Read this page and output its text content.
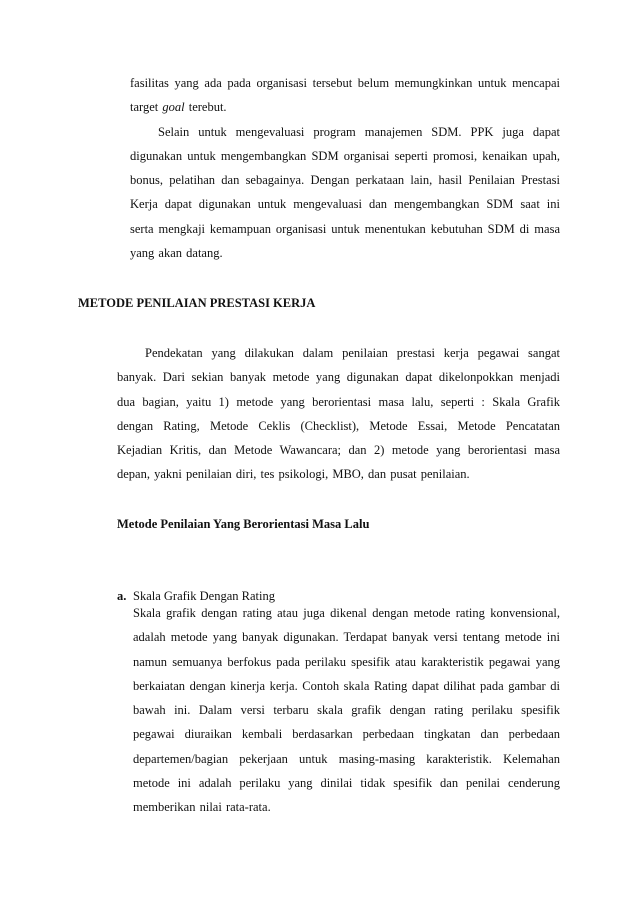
fasilitas yang ada pada organisasi tersebut belum memungkinkan untuk mencapai target goal terebut.

Selain untuk mengevaluasi program manajemen SDM. PPK juga dapat digunakan untuk mengembangkan SDM organisai seperti promosi, kenaikan upah, bonus, pelatihan dan sebagainya. Dengan perkataan lain, hasil Penilaian Prestasi Kerja dapat digunakan untuk mengevaluasi dan mengembangkan SDM saat ini serta mengkaji kemampuan organisasi untuk menentukan kebutuhan SDM di masa yang akan datang.

METODE PENILAIAN PRESTASI KERJA

Pendekatan yang dilakukan dalam penilaian prestasi kerja pegawai sangat banyak. Dari sekian banyak metode yang digunakan dapat dikelonpokkan menjadi dua bagian, yaitu 1) metode yang berorientasi masa lalu, seperti : Skala Grafik dengan Rating, Metode Ceklis (Checklist), Metode Essai, Metode Pencatatan Kejadian Kritis, dan Metode Wawancara; dan 2) metode yang berorientasi masa depan, yakni penilaian diri, tes psikologi, MBO, dan pusat penilaian.

Metode Penilaian Yang Berorientasi Masa Lalu
a. Skala Grafik Dengan Rating

Skala grafik dengan rating atau juga dikenal dengan metode rating konvensional, adalah metode yang banyak digunakan. Terdapat banyak versi tentang metode ini namun semuanya berfokus pada perilaku spesifik atau karakteristik pegawai yang berkaiatan dengan kinerja kerja. Contoh skala Rating dapat dilihat pada gambar di bawah ini. Dalam versi terbaru skala grafik dengan rating perilaku spesifik pegawai diuraikan kembali berdasarkan perbedaan tingkatan dan perbedaan departemen/bagian pekerjaan untuk masing-masing karakteristik. Kelemahan metode ini adalah perilaku yang dinilai tidak spesifik dan penilai cenderung memberikan nilai rata-rata.
